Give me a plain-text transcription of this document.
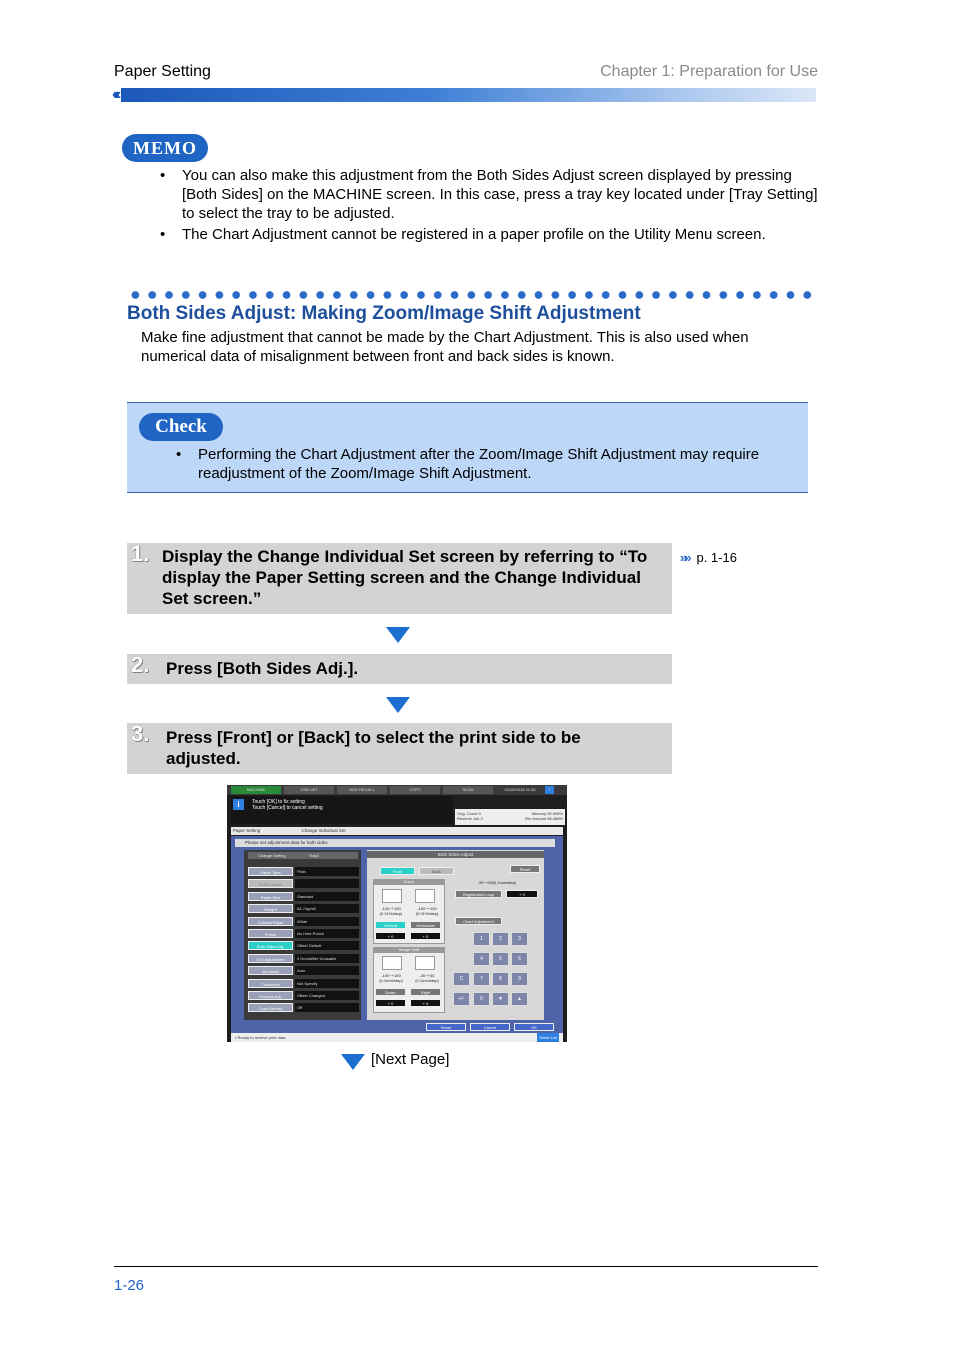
Paper Setting	Chapter 1: Preparation for Use
‹‹‹‹
MEMO
• You can also make this adjustment from the Both Sides Adjust screen displayed by pressing [Both Sides] on the MACHINE screen. In this case, press a tray key located under [Tray Setting] to select the tray to be adjusted.
• The Chart Adjustment cannot be registered in a paper profile on the Utility Menu screen.
Both Sides Adjust: Making Zoom/Image Shift Adjustment
Make fine adjustment that cannot be made by the Chart Adjustment. This is also used when numerical data of misalignment between front and back sides is known.
Check
• Performing the Chart Adjustment after the Zoom/Image Shift Adjustment may require readjustment of the Zoom/Image Shift Adjustment.
1. Display the Change Individual Set screen by referring to “To display the Paper Setting screen and the Change Individual Set screen.”
»» p. 1-16
2. Press [Both Sides Adj.].
3. Press [Front] or [Back] to select the print side to be adjusted.
MACHINE	JOB LIST	HDD RECALL	COPY	SCAN	2010/03/18 21:55	?
i	Touch [OK] to fix setting
Touch [Cancel] to cancel setting
Orig. Count 0	Memory 99.998%
Reserve Job 0	File Amount 98.468%
Paper Setting	Change Individual Set
Please set adjustment data for both sides
Change Setting	Tray3
Paper Type	Plain
Profile Name
Paper Size	Standard
Weight	64-74g/m2
Colored Paper	White
Punch	No Hole-Punch
Both Sides Adj.	Offset Default
Curl Adjustment	0 Humidifier Unusable
Air Assist	Auto
Thickness	Not Specify
Process Adj.	Offset Changed
Color Density	Off
Both Sides Adjust
Front	Back	Reset
Zoom
-100~+100 (0.01%/step)
-100~+100 (0.01%/step)
Vertical	Horizontal
+ 0	+ 0
Image Shift
-100~+100 (0.1mm/step)
-30~+30 (0.1mm/step)
Down	Right
+ 0	+ 0
-99~+99(0.1mm/step)
Registration Loop	+ 0
Chart Adjustment
1	2	3
4	5	6
7	8	9
+/-	0
C
▼	▲
Reset	Cancel	OK
▪ Ready to receive print data	Detail List
[Next Page]
1-26
